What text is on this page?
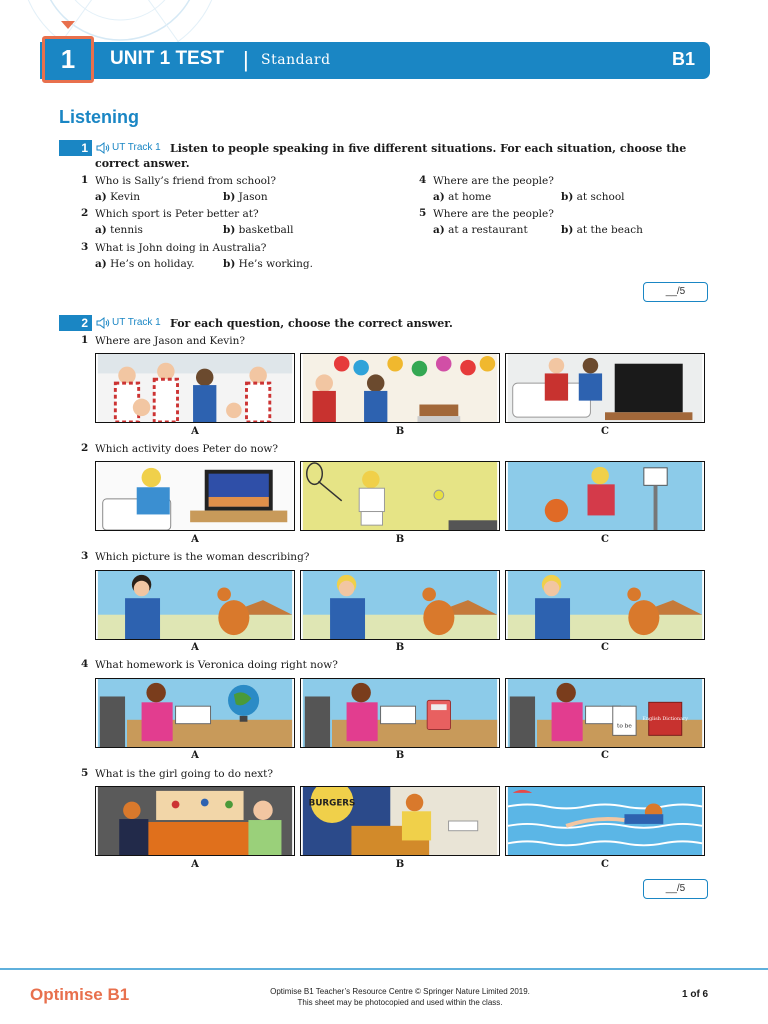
1	UNIT 1 TEST | Standard	B1
Listening
1	UT Track 1 Listen to people speaking in five different situations. For each situation, choose the
correct answer.
1 Who is Sally’s friend from school?
a) Kevin	b) Jason
2 Which sport is Peter better at?
a) tennis	b) basketball
3 What is John doing in Australia?
a) He’s on holiday.	b) He’s working.
4 Where are the people?
a) at home	b) at school
5 Where are the people?
a) at a restaurant	b) at the beach
__/5
2	UT Track 1 For each question, choose the correct answer.
1 Where are Jason and Kevin?
A	B	C
2 Which activity does Peter do now?
A	B	C
3 Which picture is the woman describing?
A	B	C
4 What homework is Veronica doing right now?
to be
English Dictionary
A	B	C
5 What is the girl going to do next?
BURGERS
A	B	C
__/5
Optimise B1	Optimise B1 Teacher’s Resource Centre © Springer Nature Limited 2019.
This sheet may be photocopied and used within the class.
1 of 6
